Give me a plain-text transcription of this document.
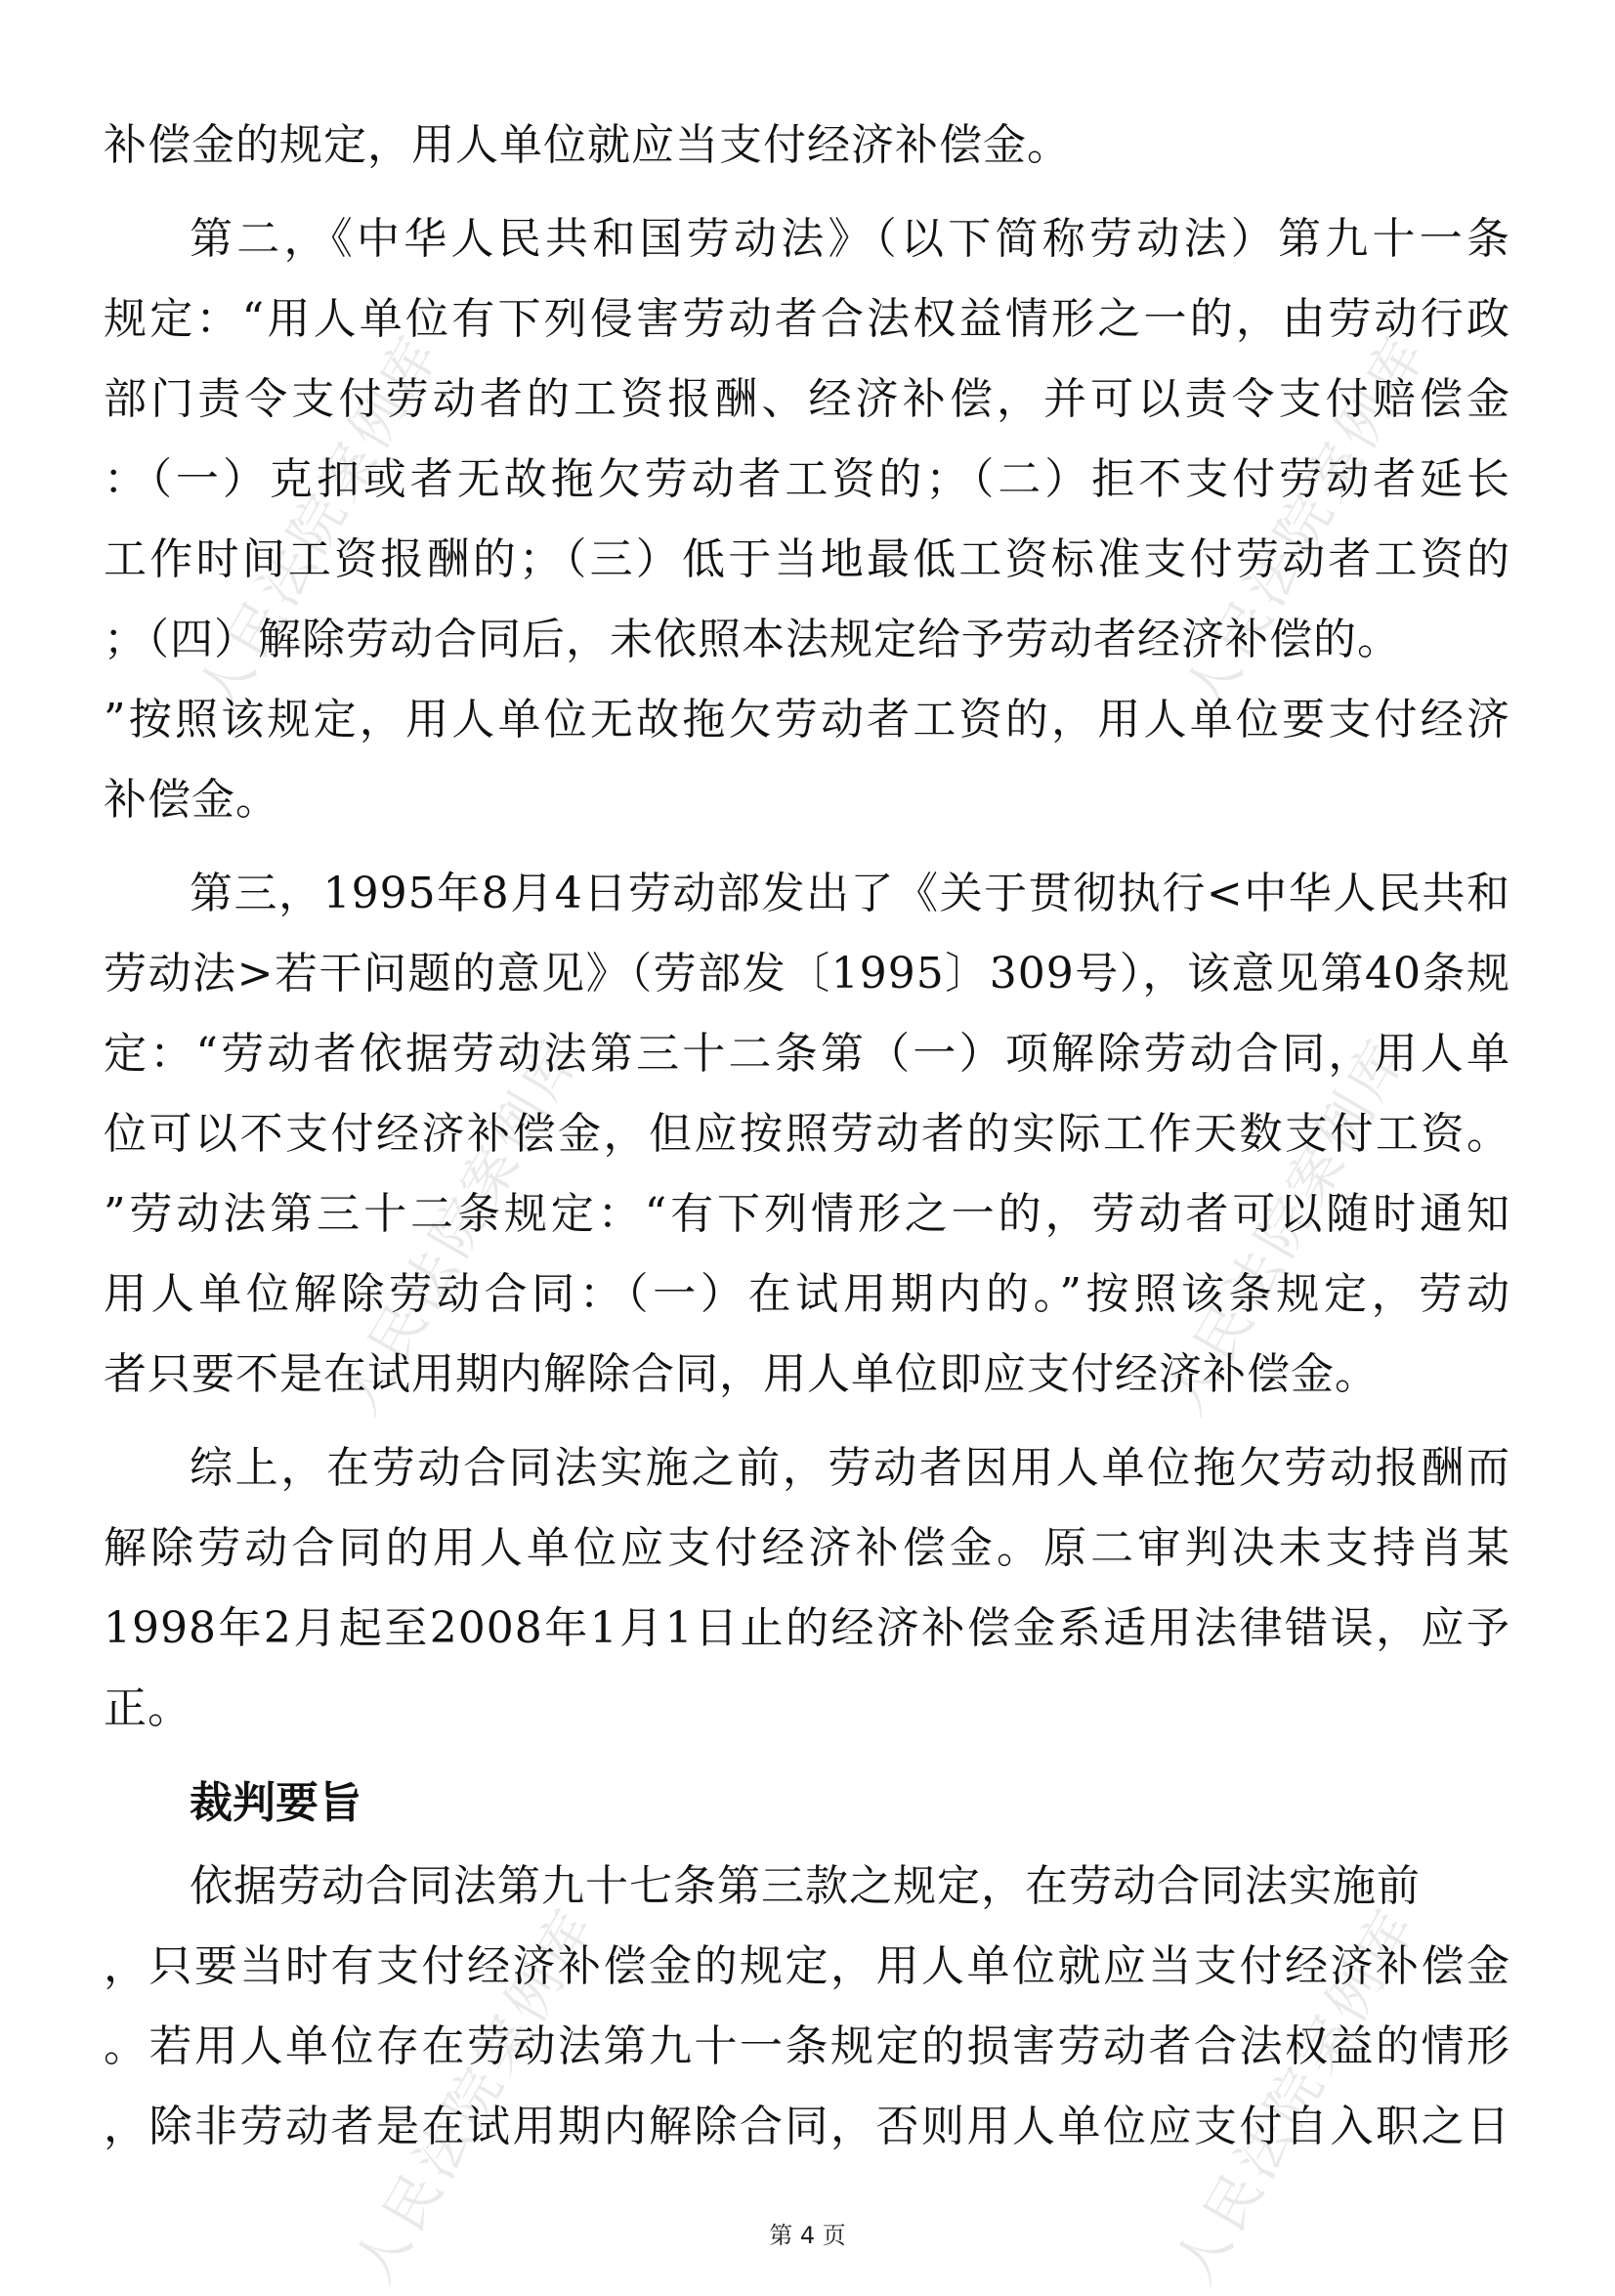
人民法院案例库	人民法院案例库
人民法院案例库	人民法院案例库
人民法院案例库	人民法院案例库
补偿金的规定，用人单位就应当支付经济补偿金。
第二，《中华人民共和国劳动法》（以下简称劳动法）第九十一条
规定：“用人单位有下列侵害劳动者合法权益情形之一的，由劳动行政
部门责令支付劳动者的工资报酬、经济补偿，并可以责令支付赔偿金
：（一）克扣或者无故拖欠劳动者工资的；（二）拒不支付劳动者延长
工作时间工资报酬的；（三）低于当地最低工资标准支付劳动者工资的
；（四）解除劳动合同后，未依照本法规定给予劳动者经济补偿的。
”按照该规定，用人单位无故拖欠劳动者工资的，用人单位要支付经济
补偿金。
第三，1995年8月4日劳动部发出了《关于贯彻执行<中华人民共和
劳动法>若干问题的意见》（劳部发〔1995〕309号），该意见第40条规
定：“劳动者依据劳动法第三十二条第（一）项解除劳动合同，用人单
位可以不支付经济补偿金，但应按照劳动者的实际工作天数支付工资。
”劳动法第三十二条规定：“有下列情形之一的，劳动者可以随时通知
用人单位解除劳动合同：（一）在试用期内的。”按照该条规定，劳动
者只要不是在试用期内解除合同，用人单位即应支付经济补偿金。
综上，在劳动合同法实施之前，劳动者因用人单位拖欠劳动报酬而
解除劳动合同的用人单位应支付经济补偿金。原二审判决未支持肖某
1998年2月起至2008年1月1日止的经济补偿金系适用法律错误，应予
正。
裁判要旨
依据劳动合同法第九十七条第三款之规定，在劳动合同法实施前
，只要当时有支付经济补偿金的规定，用人单位就应当支付经济补偿金
。若用人单位存在劳动法第九十一条规定的损害劳动者合法权益的情形
，除非劳动者是在试用期内解除合同，否则用人单位应支付自入职之日
第 4 页
